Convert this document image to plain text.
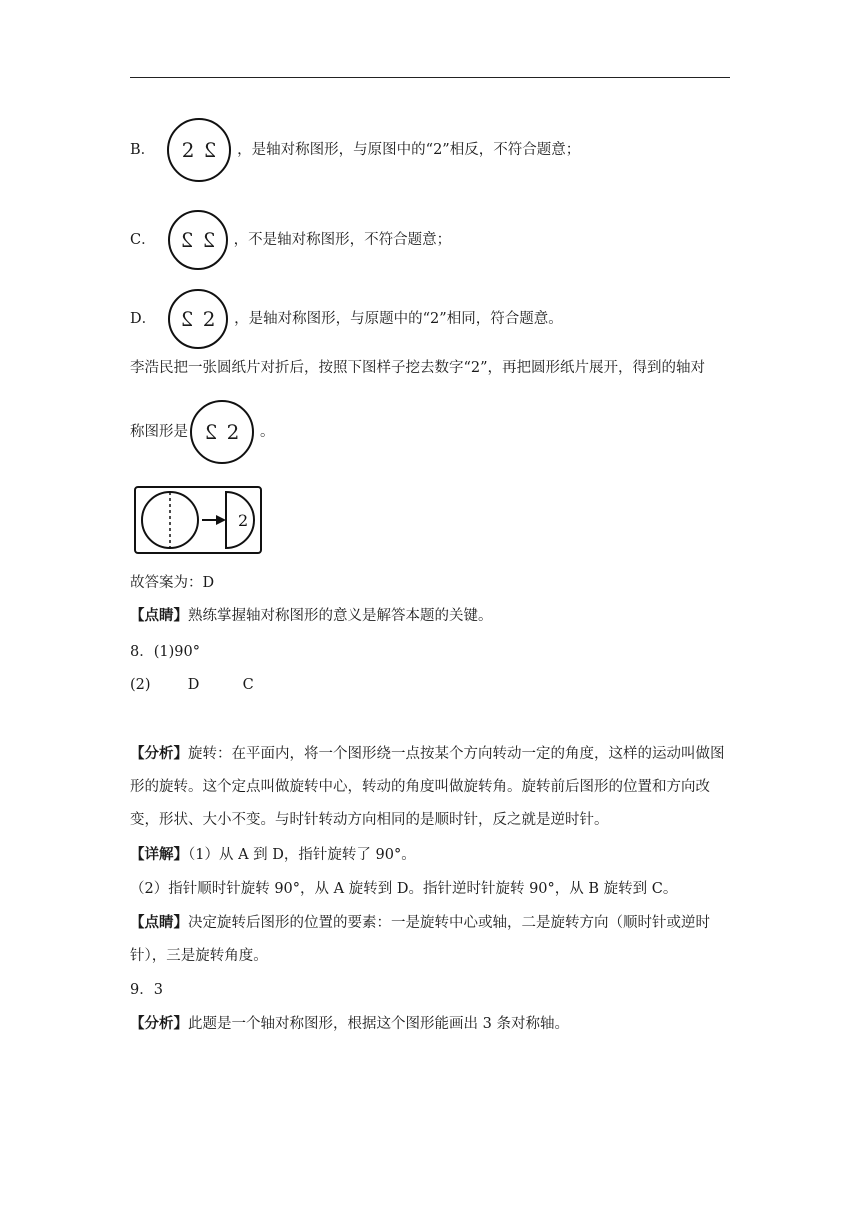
B． 2 2	，是轴对称图形，与原图中的“2”相反，不符合题意；
C． 2 2	，不是轴对称图形，不符合题意；
D． 2 2	，是轴对称图形，与原题中的“2”相同，符合题意。
李浩民把一张圆纸片对折后，按照下图样子挖去数字“2”，再把圆形纸片展开，得到的轴对
称图形是 2 2	。
2
故答案为：D
【点睛】熟练掌握轴对称图形的意义是解答本题的关键。
8．(1)90°
(2)	D	C
【分析】旋转：在平面内，将一个图形绕一点按某个方向转动一定的角度，这样的运动叫做图形的旋转。这个定点叫做旋转中心，转动的角度叫做旋转角。旋转前后图形的位置和方向改变，形状、大小不变。与时针转动方向相同的是顺时针，反之就是逆时针。
【详解】（1）从 A 到 D，指针旋转了 90°。
（2）指针顺时针旋转 90°，从 A 旋转到 D。指针逆时针旋转 90°，从 B 旋转到 C。
【点睛】决定旋转后图形的位置的要素：一是旋转中心或轴，二是旋转方向（顺时针或逆时针），三是旋转角度。
9．3
【分析】此题是一个轴对称图形，根据这个图形能画出 3 条对称轴。
